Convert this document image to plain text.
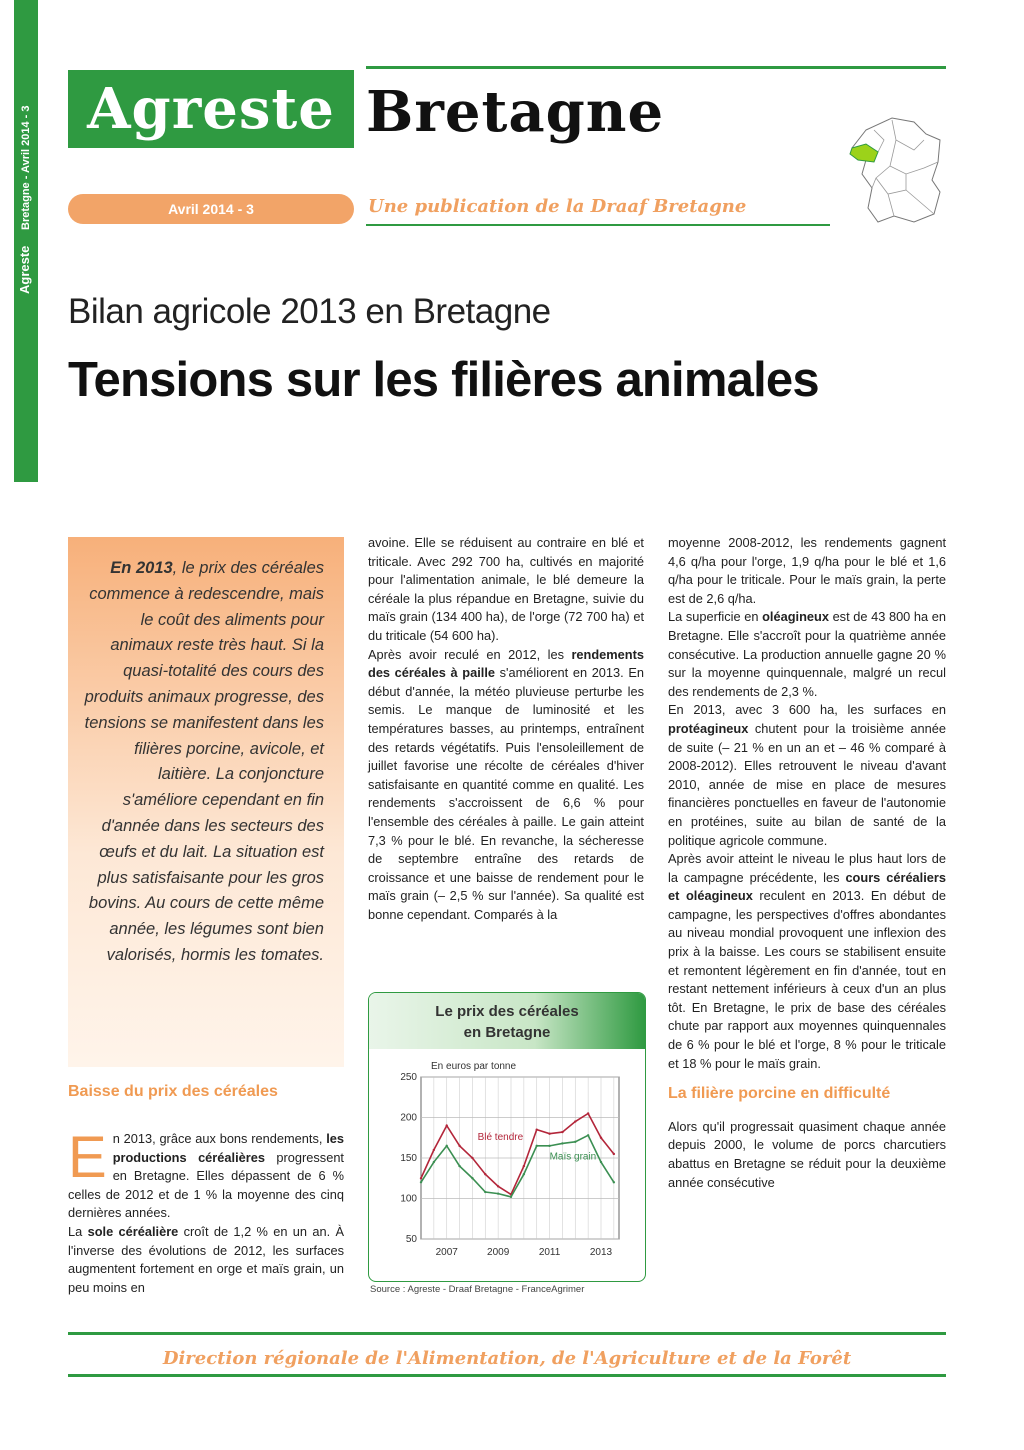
Agreste
Bretagne - Avril 2014 - 3 Agreste Bretagne
Avril 2014 - 3	Une publication de la Draaf Bretagne
Bilan agricole 2013 en Bretagne
Tensions sur les filières animales
En 2013, le prix des céréales commence à redescendre, mais le coût des aliments pour animaux reste très haut. Si la quasi-totalité des cours des produits animaux progresse, des tensions se manifestent dans les filières porcine, avicole, et laitière. La conjoncture s'améliore cependant en fin d'année dans les secteurs des œufs et du lait. La situation est plus satisfaisante pour les gros bovins. Au cours de cette même année, les légumes sont bien valorisés, hormis les tomates.
Baisse du prix des céréales

En 2013, grâce aux bons rendements, les productions céréalières progressent en Bretagne. Elles dépassent de 6 % celles de 2012 et de 1 % la moyenne des cinq dernières années.

La sole céréalière croît de 1,2 % en un an. À l'inverse des évolutions de 2012, les surfaces augmentent fortement en orge et maïs grain, un peu moins en

avoine. Elle se réduisent au contraire en blé et triticale. Avec 292 700 ha, cultivés en majorité pour l'alimentation animale, le blé demeure la céréale la plus répandue en Bretagne, suivie du maïs grain (134 400 ha), de l'orge (72 700 ha) et du triticale (54 600 ha).

Après avoir reculé en 2012, les rendements des céréales à paille s'améliorent en 2013. En début d'année, la météo pluvieuse perturbe les semis. Le manque de luminosité et les températures basses, au printemps, entraînent des retards végétatifs. Puis l'ensoleillement de juillet favorise une récolte de céréales d'hiver satisfaisante en quantité comme en qualité. Les rendements s'accroissent de 6,6 % pour l'ensemble des céréales à paille. Le gain atteint 7,3 % pour le blé. En revanche, la sécheresse de septembre entraîne des retards de croissance et une baisse de rendement pour le maïs grain (– 2,5 % sur l'année). Sa qualité est bonne cependant. Comparés à la

Le prix des céréales
en Bretagne
50
100
150
200
250
2007	2009	2011	2013
En euros par tonne
Blé tendre
Maïs grain
Source : Agreste - Draaf Bretagne - FranceAgrimer

moyenne 2008-2012, les rendements gagnent 4,6 q/ha pour l'orge, 1,9 q/ha pour le blé et 1,6 q/ha pour le triticale. Pour le maïs grain, la perte est de 2,6 q/ha.

La superficie en oléagineux est de 43 800 ha en Bretagne. Elle s'accroît pour la quatrième année consécutive. La production annuelle gagne 20 % sur la moyenne quinquennale, malgré un recul des rendements de 2,3 %.

En 2013, avec 3 600 ha, les surfaces en protéagineux chutent pour la troisième année de suite (– 21 % en un an et – 46 % comparé à 2008-2012). Elles retrouvent le niveau d'avant 2010, année de mise en place de mesures financières ponctuelles en faveur de l'autonomie en protéines, suite au bilan de santé de la politique agricole commune.

Après avoir atteint le niveau le plus haut lors de la campagne précédente, les cours céréaliers et oléagineux reculent en 2013. En début de campagne, les perspectives d'offres abondantes au niveau mondial provoquent une inflexion des prix à la baisse. Les cours se stabilisent ensuite et remontent légèrement en fin d'année, tout en restant nettement inférieurs à ceux d'un an plus tôt. En Bretagne, le prix de base des céréales chute par rapport aux moyennes quinquennales de 6 % pour le blé et l'orge, 8 % pour le triticale et 18 % pour le maïs grain.

La filière porcine en difficulté

Alors qu'il progressait quasiment chaque année depuis 2000, le volume de porcs charcutiers abattus en Bretagne se réduit pour la deuxième année consécutive

Direction régionale de l'Alimentation, de l'Agriculture et de la Forêt
